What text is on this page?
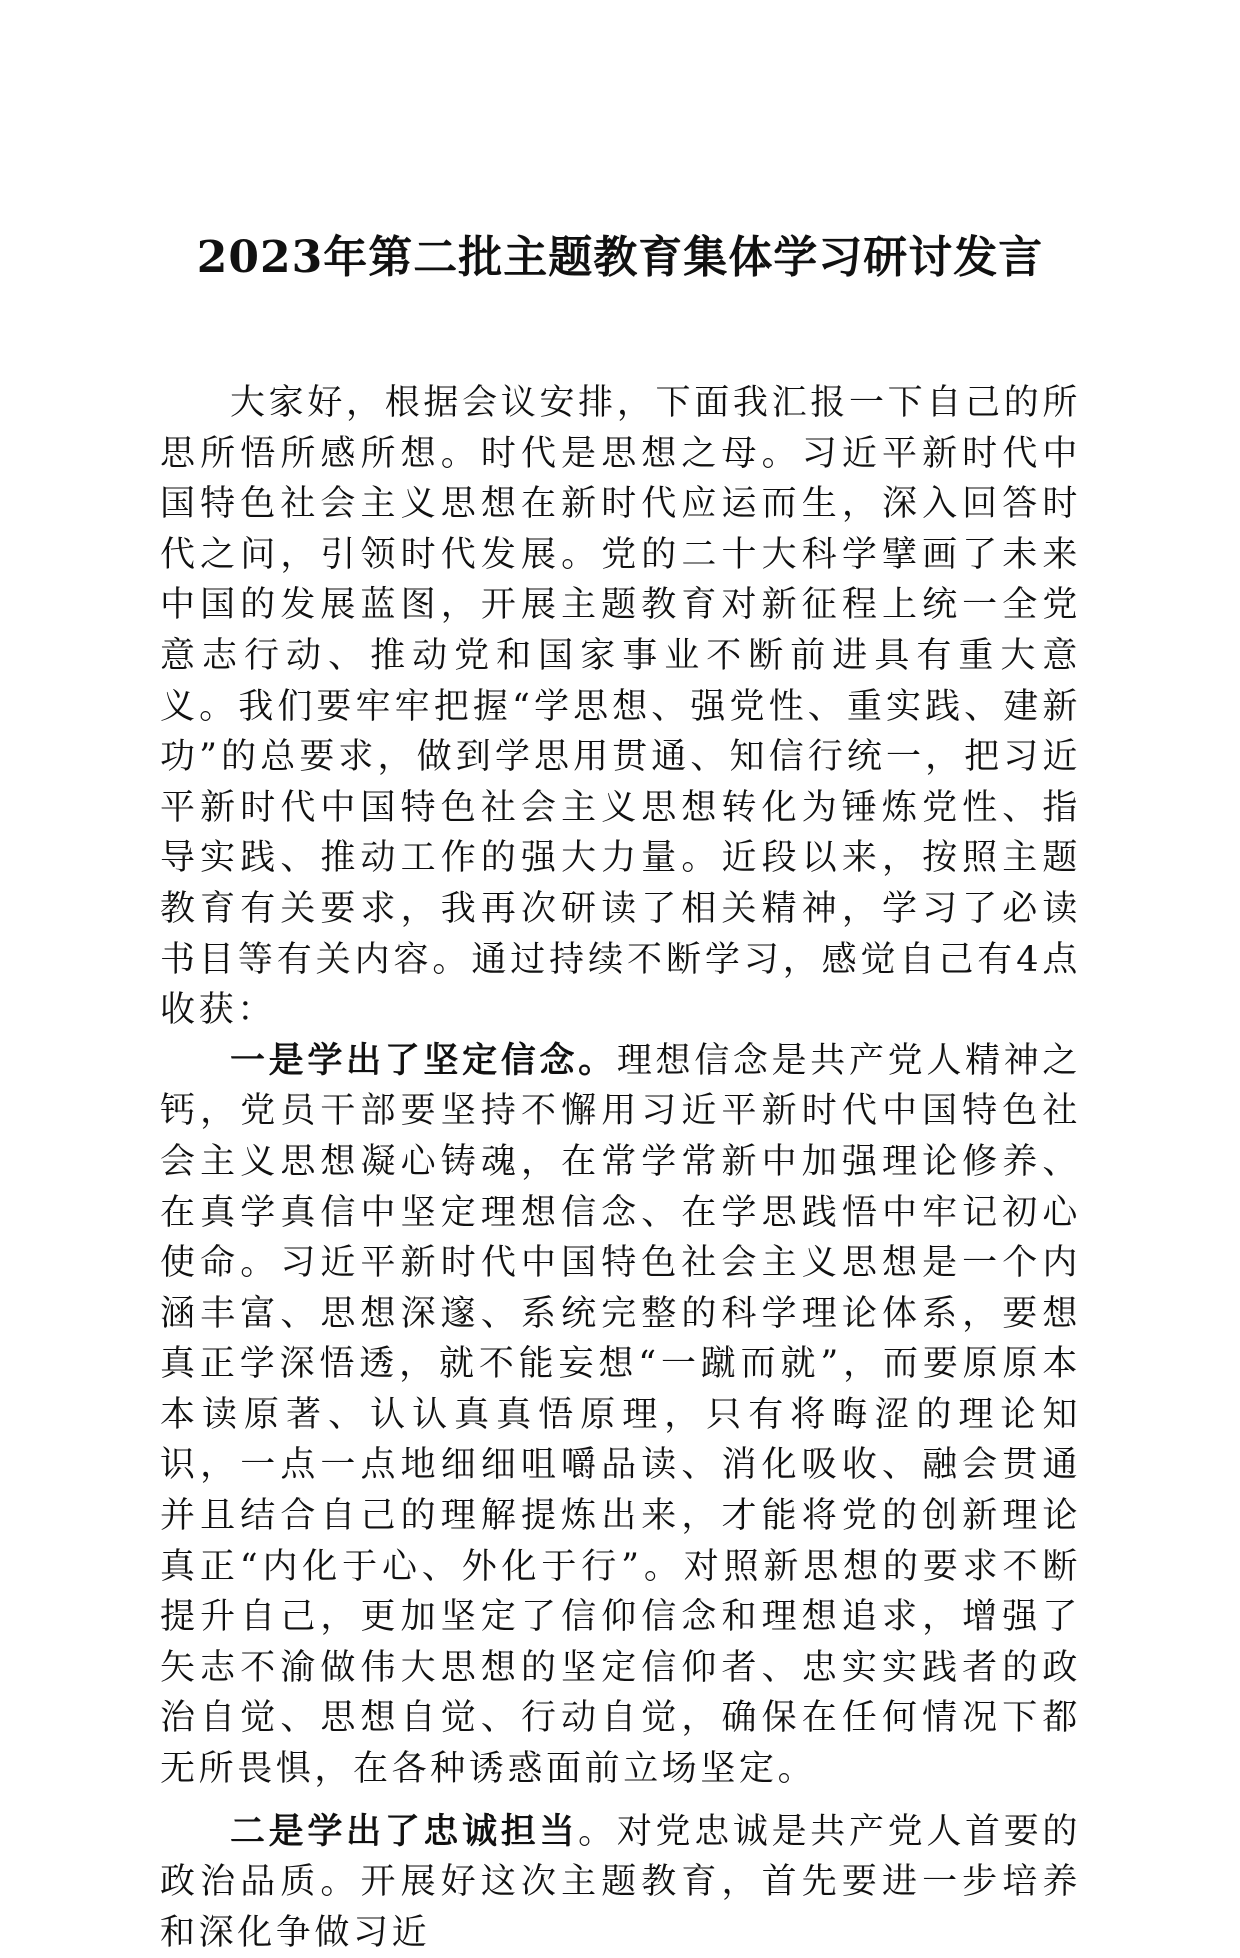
2023年第二批主题教育集体学习研讨发言

大家好，根据会议安排，下面我汇报一下自己的所思所悟所感所想。时代是思想之母。习近平新时代中国特色社会主义思想在新时代应运而生，深入回答时代之问，引领时代发展。党的二十大科学擘画了未来中国的发展蓝图，开展主题教育对新征程上统一全党意志行动、推动党和国家事业不断前进具有重大意义。我们要牢牢把握“学思想、强党性、重实践、建新功”的总要求，做到学思用贯通、知信行统一，把习近平新时代中国特色社会主义思想转化为锤炼党性、指导实践、推动工作的强大力量。近段以来，按照主题教育有关要求，我再次研读了相关精神，学习了必读书目等有关内容。通过持续不断学习，感觉自己有4点收获：

一是学出了坚定信念。理想信念是共产党人精神之钙，党员干部要坚持不懈用习近平新时代中国特色社会主义思想凝心铸魂，在常学常新中加强理论修养、在真学真信中坚定理想信念、在学思践悟中牢记初心使命。习近平新时代中国特色社会主义思想是一个内涵丰富、思想深邃、系统完整的科学理论体系，要想真正学深悟透，就不能妄想“一蹴而就”，而要原原本本读原著、认认真真悟原理，只有将晦涩的理论知识，一点一点地细细咀嚼品读、消化吸收、融会贯通并且结合自己的理解提炼出来，才能将党的创新理论真正“内化于心、外化于行”。对照新思想的要求不断提升自己，更加坚定了信仰信念和理想追求，增强了矢志不渝做伟大思想的坚定信仰者、忠实实践者的政治自觉、思想自觉、行动自觉，确保在任何情况下都无所畏惧，在各种诱惑面前立场坚定。

二是学出了忠诚担当。对党忠诚是共产党人首要的政治品质。开展好这次主题教育，首先要进一步培养和深化争做习近
